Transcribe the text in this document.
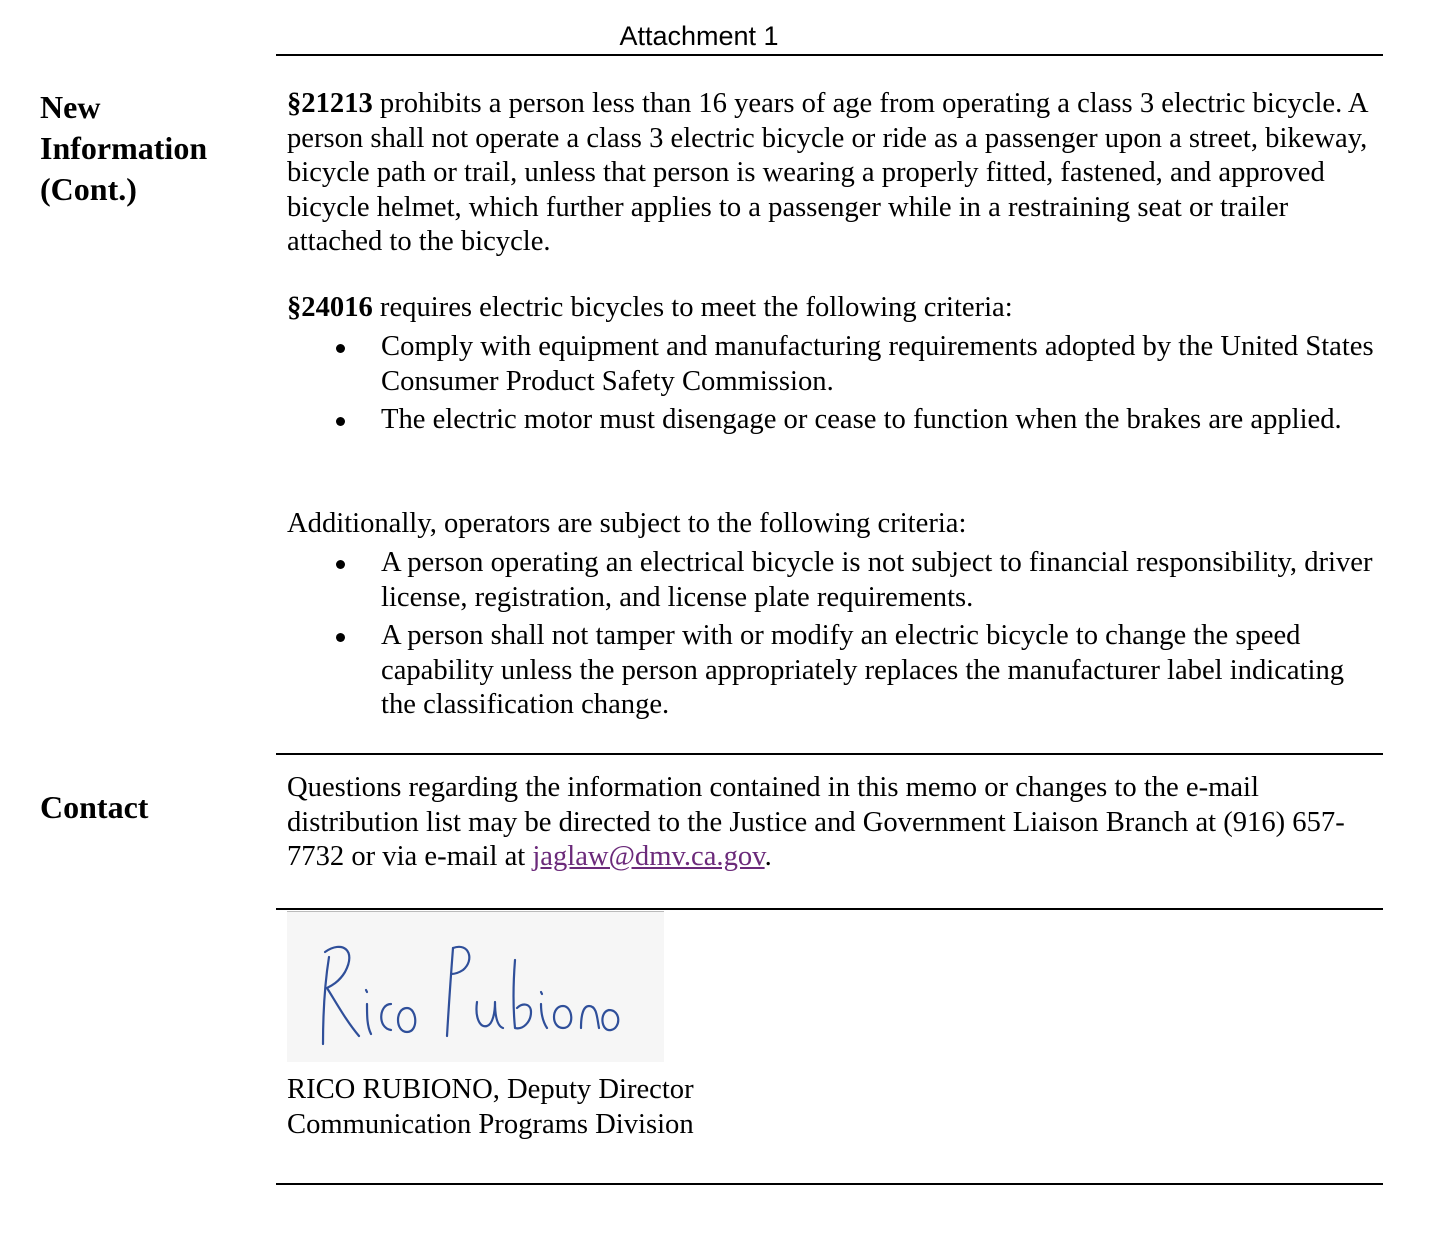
Attachment 1
New
Information
(Cont.)

§21213 prohibits a person less than 16 years of age from operating a class 3 electric bicycle. A person shall not operate a class 3 electric bicycle or ride as a passenger upon a street, bikeway, bicycle path or trail, unless that person is wearing a properly fitted, fastened, and approved bicycle helmet, which further applies to a passenger while in a restraining seat or trailer attached to the bicycle.

§24016 requires electric bicycles to meet the following criteria:

Comply with equipment and manufacturing requirements adopted by the United States Consumer Product Safety Commission.
The electric motor must disengage or cease to function when the brakes are applied.

Additionally, operators are subject to the following criteria:

A person operating an electrical bicycle is not subject to financial responsibility, driver license, registration, and license plate requirements.
A person shall not tamper with or modify an electric bicycle to change the speed capability unless the person appropriately replaces the manufacturer label indicating the classification change.
Contact

Questions regarding the information contained in this memo or changes to the e-mail distribution list may be directed to the Justice and Government Liaison Branch at (916) 657-7732 or via e-mail at jaglaw@dmv.ca.gov.

RICO RUBIONO, Deputy Director
Communication Programs Division
